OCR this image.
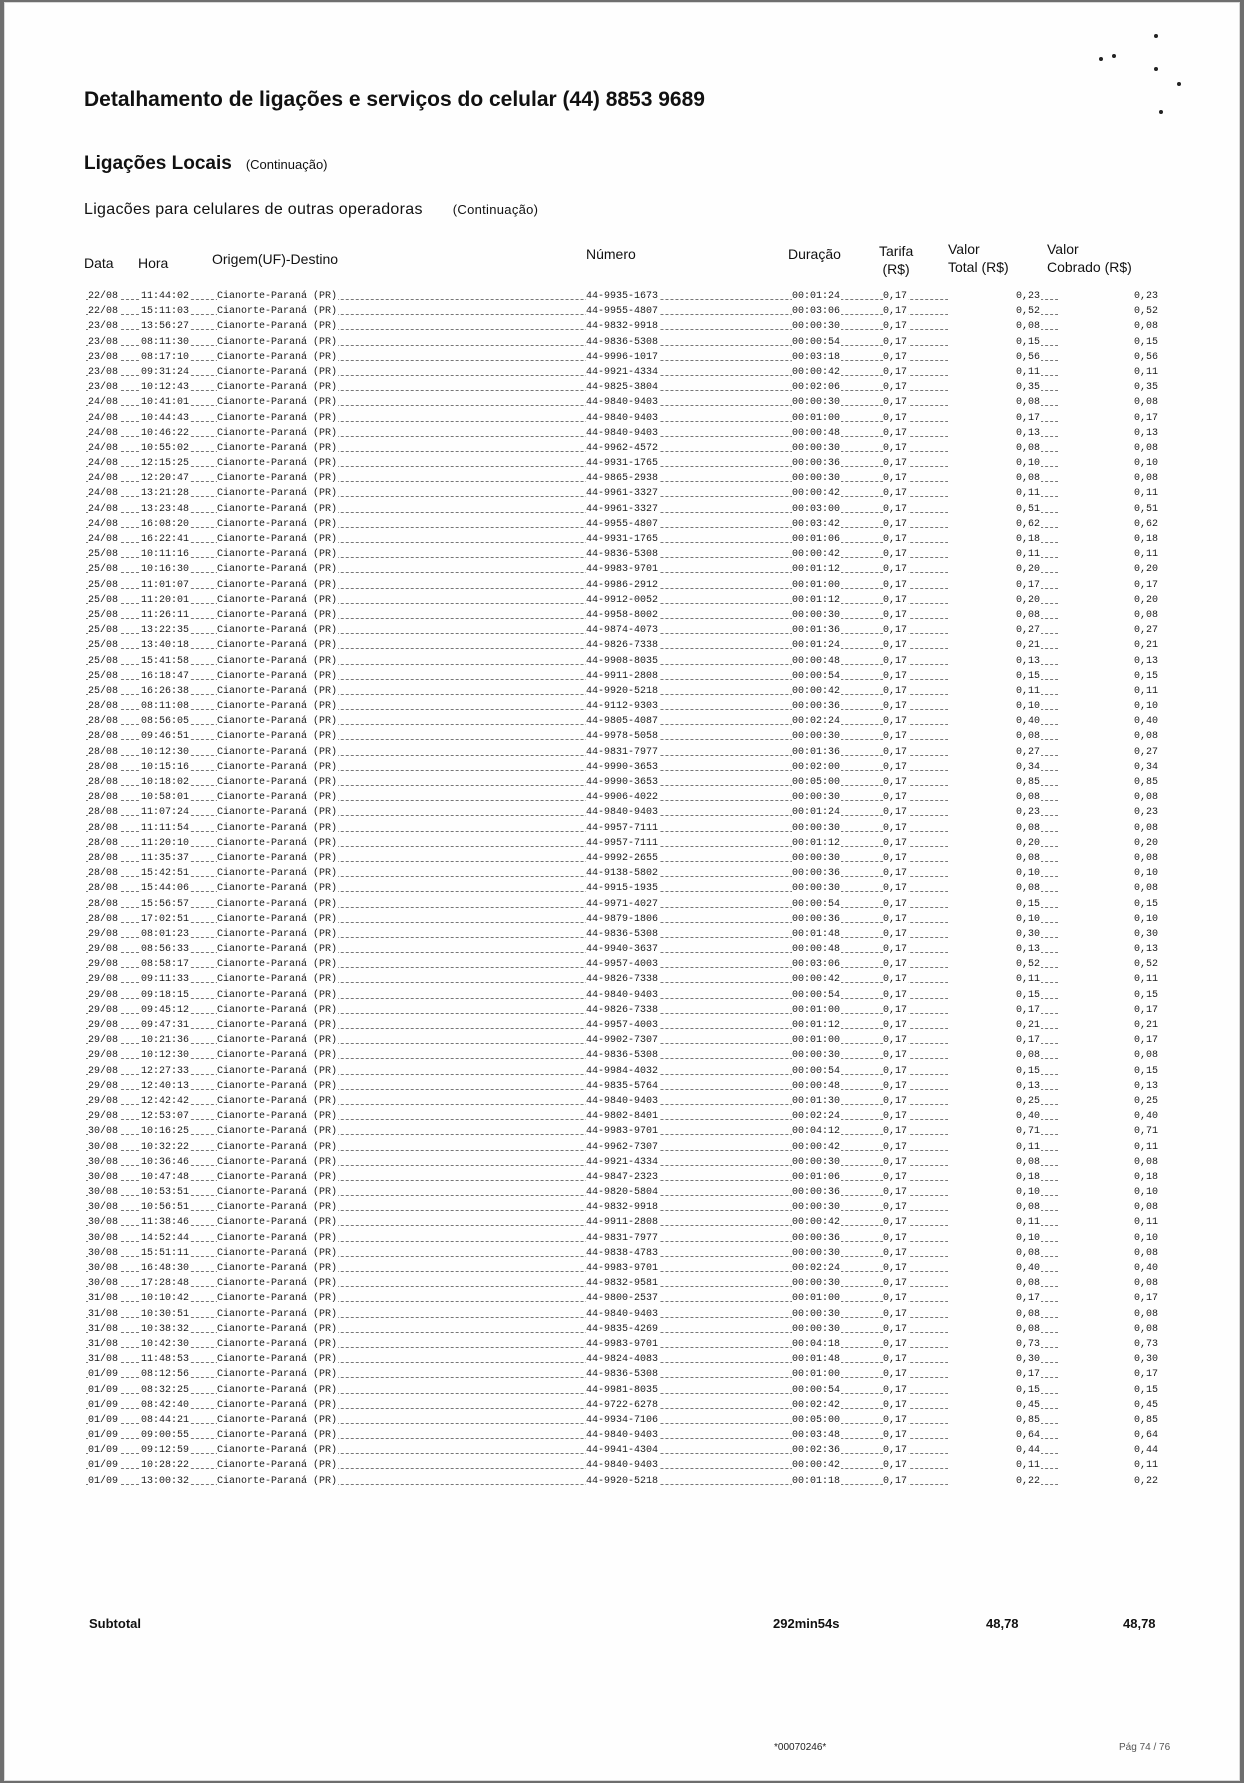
Detalhamento de ligações e serviços do celular (44) 8853 9689
Ligações Locais (Continuação)
Ligacões para celulares de outras operadoras (Continuação)
Data Hora	Origem(UF)-Destino	Número	Duração	Tarifa
(R$)
Valor
Total (R$)
Valor
Cobrado (R$)
22/08 11:44:02	Cianorte-Paraná (PR)	44-9935-1673	00:01:24	0,17	0,23	0,23
22/08 15:11:03	Cianorte-Paraná (PR)	44-9955-4807	00:03:06	0,17	0,52	0,52
23/08 13:56:27	Cianorte-Paraná (PR)	44-9832-9918	00:00:30	0,17	0,08	0,08
23/08 08:11:30	Cianorte-Paraná (PR)	44-9836-5308	00:00:54	0,17	0,15	0,15
23/08 08:17:10	Cianorte-Paraná (PR)	44-9996-1017	00:03:18	0,17	0,56	0,56
23/08 09:31:24	Cianorte-Paraná (PR)	44-9921-4334	00:00:42	0,17	0,11	0,11
23/08 10:12:43	Cianorte-Paraná (PR)	44-9825-3804	00:02:06	0,17	0,35	0,35
24/08 10:41:01	Cianorte-Paraná (PR)	44-9840-9403	00:00:30	0,17	0,08	0,08
24/08 10:44:43	Cianorte-Paraná (PR)	44-9840-9403	00:01:00	0,17	0,17	0,17
24/08 10:46:22	Cianorte-Paraná (PR)	44-9840-9403	00:00:48	0,17	0,13	0,13
24/08 10:55:02	Cianorte-Paraná (PR)	44-9962-4572	00:00:30	0,17	0,08	0,08
24/08 12:15:25	Cianorte-Paraná (PR)	44-9931-1765	00:00:36	0,17	0,10	0,10
24/08 12:20:47	Cianorte-Paraná (PR)	44-9865-2938	00:00:30	0,17	0,08	0,08
24/08 13:21:28	Cianorte-Paraná (PR)	44-9961-3327	00:00:42	0,17	0,11	0,11
24/08 13:23:48	Cianorte-Paraná (PR)	44-9961-3327	00:03:00	0,17	0,51	0,51
24/08 16:08:20	Cianorte-Paraná (PR)	44-9955-4807	00:03:42	0,17	0,62	0,62
24/08 16:22:41	Cianorte-Paraná (PR)	44-9931-1765	00:01:06	0,17	0,18	0,18
25/08 10:11:16	Cianorte-Paraná (PR)	44-9836-5308	00:00:42	0,17	0,11	0,11
25/08 10:16:30	Cianorte-Paraná (PR)	44-9983-9701	00:01:12	0,17	0,20	0,20
25/08 11:01:07	Cianorte-Paraná (PR)	44-9986-2912	00:01:00	0,17	0,17	0,17
25/08 11:20:01	Cianorte-Paraná (PR)	44-9912-0052	00:01:12	0,17	0,20	0,20
25/08 11:26:11	Cianorte-Paraná (PR)	44-9958-8002	00:00:30	0,17	0,08	0,08
25/08 13:22:35	Cianorte-Paraná (PR)	44-9874-4073	00:01:36	0,17	0,27	0,27
25/08 13:40:18	Cianorte-Paraná (PR)	44-9826-7338	00:01:24	0,17	0,21	0,21
25/08 15:41:58	Cianorte-Paraná (PR)	44-9908-8035	00:00:48	0,17	0,13	0,13
25/08 16:18:47	Cianorte-Paraná (PR)	44-9911-2808	00:00:54	0,17	0,15	0,15
25/08 16:26:38	Cianorte-Paraná (PR)	44-9920-5218	00:00:42	0,17	0,11	0,11
28/08 08:11:08	Cianorte-Paraná (PR)	44-9112-9303	00:00:36	0,17	0,10	0,10
28/08 08:56:05	Cianorte-Paraná (PR)	44-9805-4087	00:02:24	0,17	0,40	0,40
28/08 09:46:51	Cianorte-Paraná (PR)	44-9978-5058	00:00:30	0,17	0,08	0,08
28/08 10:12:30	Cianorte-Paraná (PR)	44-9831-7977	00:01:36	0,17	0,27	0,27
28/08 10:15:16	Cianorte-Paraná (PR)	44-9990-3653	00:02:00	0,17	0,34	0,34
28/08 10:18:02	Cianorte-Paraná (PR)	44-9990-3653	00:05:00	0,17	0,85	0,85
28/08 10:58:01	Cianorte-Paraná (PR)	44-9906-4022	00:00:30	0,17	0,08	0,08
28/08 11:07:24	Cianorte-Paraná (PR)	44-9840-9403	00:01:24	0,17	0,23	0,23
28/08 11:11:54	Cianorte-Paraná (PR)	44-9957-7111	00:00:30	0,17	0,08	0,08
28/08 11:20:10	Cianorte-Paraná (PR)	44-9957-7111	00:01:12	0,17	0,20	0,20
28/08 11:35:37	Cianorte-Paraná (PR)	44-9992-2655	00:00:30	0,17	0,08	0,08
28/08 15:42:51	Cianorte-Paraná (PR)	44-9138-5802	00:00:36	0,17	0,10	0,10
28/08 15:44:06	Cianorte-Paraná (PR)	44-9915-1935	00:00:30	0,17	0,08	0,08
28/08 15:56:57	Cianorte-Paraná (PR)	44-9971-4027	00:00:54	0,17	0,15	0,15
28/08 17:02:51	Cianorte-Paraná (PR)	44-9879-1806	00:00:36	0,17	0,10	0,10
29/08 08:01:23	Cianorte-Paraná (PR)	44-9836-5308	00:01:48	0,17	0,30	0,30
29/08 08:56:33	Cianorte-Paraná (PR)	44-9940-3637	00:00:48	0,17	0,13	0,13
29/08 08:58:17	Cianorte-Paraná (PR)	44-9957-4003	00:03:06	0,17	0,52	0,52
29/08 09:11:33	Cianorte-Paraná (PR)	44-9826-7338	00:00:42	0,17	0,11	0,11
29/08 09:18:15	Cianorte-Paraná (PR)	44-9840-9403	00:00:54	0,17	0,15	0,15
29/08 09:45:12	Cianorte-Paraná (PR)	44-9826-7338	00:01:00	0,17	0,17	0,17
29/08 09:47:31	Cianorte-Paraná (PR)	44-9957-4003	00:01:12	0,17	0,21	0,21
29/08 10:21:36	Cianorte-Paraná (PR)	44-9902-7307	00:01:00	0,17	0,17	0,17
29/08 10:12:30	Cianorte-Paraná (PR)	44-9836-5308	00:00:30	0,17	0,08	0,08
29/08 12:27:33	Cianorte-Paraná (PR)	44-9984-4032	00:00:54	0,17	0,15	0,15
29/08 12:40:13	Cianorte-Paraná (PR)	44-9835-5764	00:00:48	0,17	0,13	0,13
29/08 12:42:42	Cianorte-Paraná (PR)	44-9840-9403	00:01:30	0,17	0,25	0,25
29/08 12:53:07	Cianorte-Paraná (PR)	44-9802-8401	00:02:24	0,17	0,40	0,40
30/08 10:16:25	Cianorte-Paraná (PR)	44-9983-9701	00:04:12	0,17	0,71	0,71
30/08 10:32:22	Cianorte-Paraná (PR)	44-9962-7307	00:00:42	0,17	0,11	0,11
30/08 10:36:46	Cianorte-Paraná (PR)	44-9921-4334	00:00:30	0,17	0,08	0,08
30/08 10:47:48	Cianorte-Paraná (PR)	44-9847-2323	00:01:06	0,17	0,18	0,18
30/08 10:53:51	Cianorte-Paraná (PR)	44-9820-5804	00:00:36	0,17	0,10	0,10
30/08 10:56:51	Cianorte-Paraná (PR)	44-9832-9918	00:00:30	0,17	0,08	0,08
30/08 11:38:46	Cianorte-Paraná (PR)	44-9911-2808	00:00:42	0,17	0,11	0,11
30/08 14:52:44	Cianorte-Paraná (PR)	44-9831-7977	00:00:36	0,17	0,10	0,10
30/08 15:51:11	Cianorte-Paraná (PR)	44-9838-4783	00:00:30	0,17	0,08	0,08
30/08 16:48:30	Cianorte-Paraná (PR)	44-9983-9701	00:02:24	0,17	0,40	0,40
30/08 17:28:48	Cianorte-Paraná (PR)	44-9832-9581	00:00:30	0,17	0,08	0,08
31/08 10:10:42	Cianorte-Paraná (PR)	44-9800-2537	00:01:00	0,17	0,17	0,17
31/08 10:30:51	Cianorte-Paraná (PR)	44-9840-9403	00:00:30	0,17	0,08	0,08
31/08 10:38:32	Cianorte-Paraná (PR)	44-9835-4269	00:00:30	0,17	0,08	0,08
31/08 10:42:30	Cianorte-Paraná (PR)	44-9983-9701	00:04:18	0,17	0,73	0,73
31/08 11:48:53	Cianorte-Paraná (PR)	44-9824-4083	00:01:48	0,17	0,30	0,30
01/09 08:12:56	Cianorte-Paraná (PR)	44-9836-5308	00:01:00	0,17	0,17	0,17
01/09 08:32:25	Cianorte-Paraná (PR)	44-9981-8035	00:00:54	0,17	0,15	0,15
01/09 08:42:40	Cianorte-Paraná (PR)	44-9722-6278	00:02:42	0,17	0,45	0,45
01/09 08:44:21	Cianorte-Paraná (PR)	44-9934-7106	00:05:00	0,17	0,85	0,85
01/09 09:00:55	Cianorte-Paraná (PR)	44-9840-9403	00:03:48	0,17	0,64	0,64
01/09 09:12:59	Cianorte-Paraná (PR)	44-9941-4304	00:02:36	0,17	0,44	0,44
01/09 10:28:22	Cianorte-Paraná (PR)	44-9840-9403	00:00:42	0,17	0,11	0,11
01/09 13:00:32	Cianorte-Paraná (PR)	44-9920-5218	00:01:18	0,17	0,22	0,22
Subtotal	292min54s	48,78	48,78
*00070246*	Pág 74 / 76
